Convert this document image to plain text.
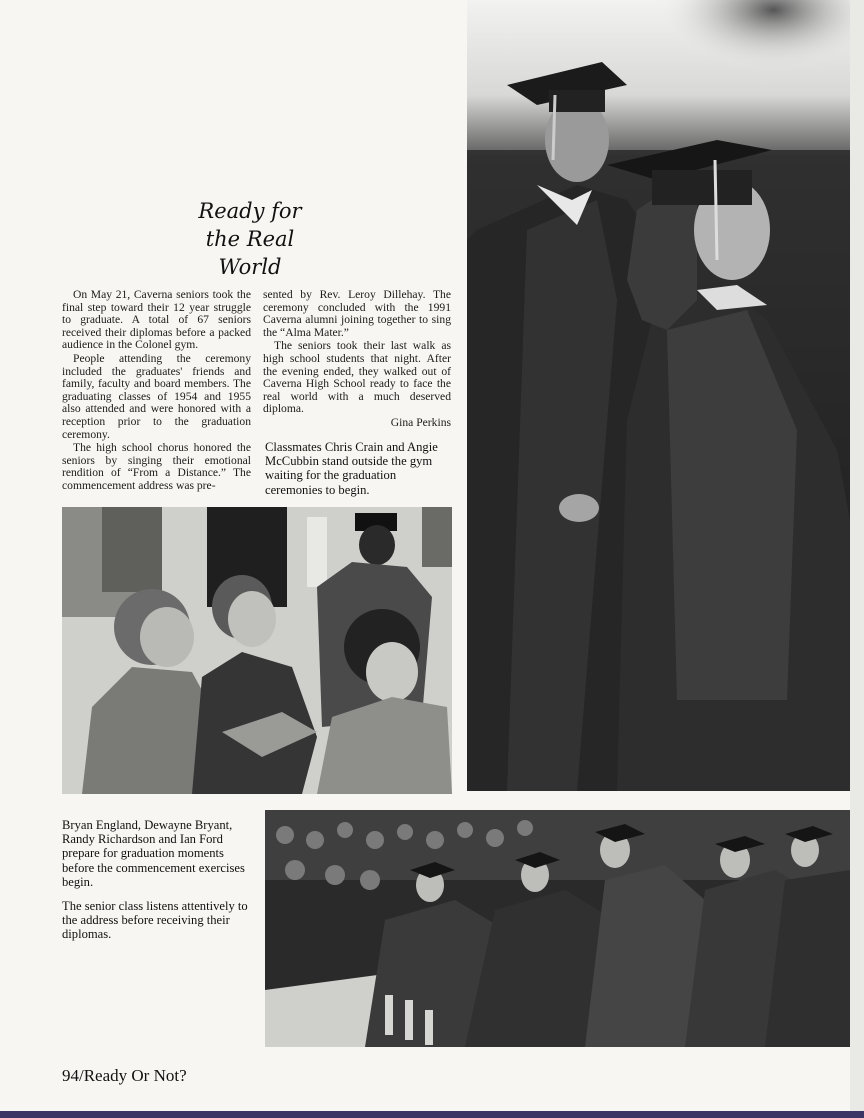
Ready for
the Real
World

On May 21, Caverna seniors took the final step toward their 12 year struggle to graduate. A total of 67 seniors received their diplomas before a packed audience in the Colonel gym.

People attending the ceremony included the graduates' friends and family, faculty and board members. The graduating classes of 1954 and 1955 also attended and were honored with a reception prior to the graduation ceremony.

The high school chorus honored the seniors by singing their emotional rendition of “From a Distance.” The commencement address was pre-

sented by Rev. Leroy Dillehay. The ceremony concluded with the 1991 Caverna alumni joining together to sing the “Alma Mater.”

The seniors took their last walk as high school students that night. After the evening ended, they walked out of Caverna High School ready to face the real world with a much deserved diploma.

Gina Perkins

Classmates Chris Crain and Angie McCubbin stand outside the gym waiting for the graduation ceremonies to begin.

Bryan England, Dewayne Bryant, Randy Richardson and Ian Ford prepare for graduation moments before the commencement exercises begin.

The senior class listens attentively to the address before receiving their diplomas.

94/Ready Or Not?
